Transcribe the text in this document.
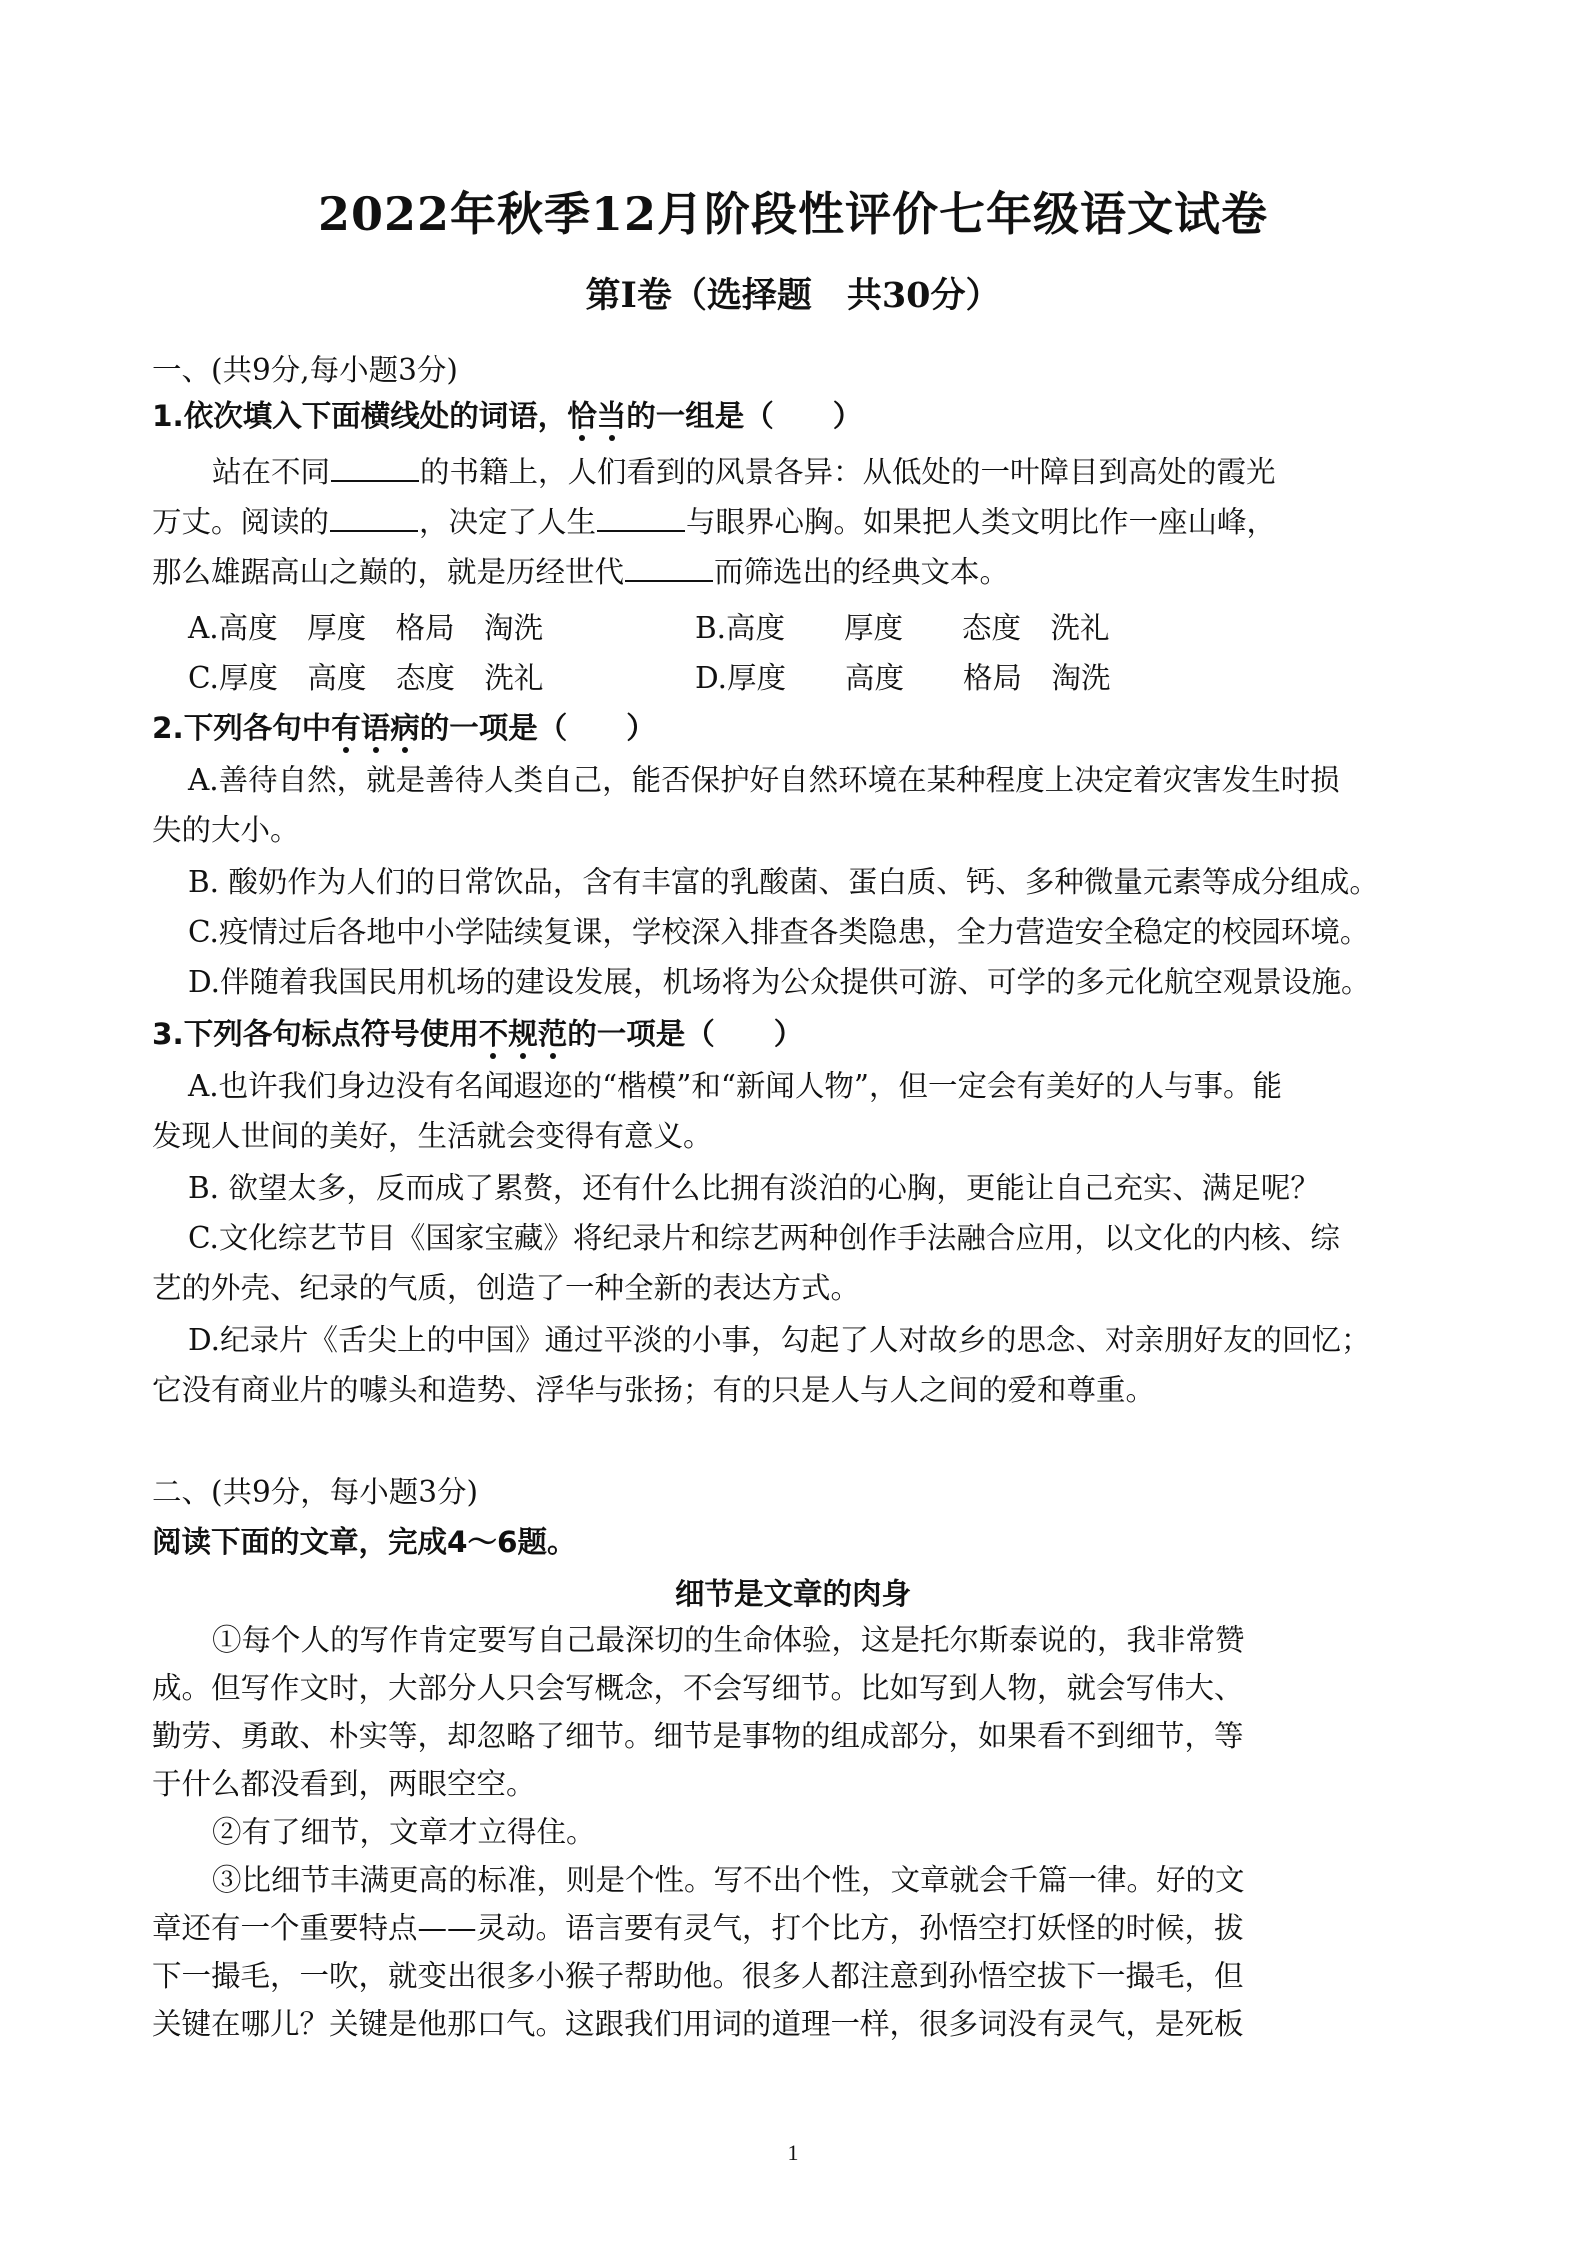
2022年秋季12月阶段性评价七年级语文试卷
第Ⅰ卷（选择题　共30分）
一、(共9分,每小题3分)
1.依次填入下面横线处的词语，恰当的一组是（　　）
站在不同	的书籍上，人们看到的风景各异：从低处的一叶障目到高处的霞光
万丈。阅读的	，决定了人生	与眼界心胸。如果把人类文明比作一座山峰，
那么雄踞高山之巅的，就是历经世代	而筛选出的经典文本。
A.高度　厚度　格局　淘洗	B.高度　　厚度　　态度　洗礼
C.厚度　高度　态度　洗礼	D.厚度　　高度　　格局　淘洗
2.下列各句中有语病的一项是（　　）
A.善待自然，就是善待人类自己，能否保护好自然环境在某种程度上决定着灾害发生时损
失的大小。
B. 酸奶作为人们的日常饮品，含有丰富的乳酸菌、蛋白质、钙、多种微量元素等成分组成。
C.疫情过后各地中小学陆续复课，学校深入排查各类隐患，全力营造安全稳定的校园环境。
D.伴随着我国民用机场的建设发展，机场将为公众提供可游、可学的多元化航空观景设施。
3.下列各句标点符号使用不规范的一项是（　　）
A.也许我们身边没有名闻遐迩的“楷模”和“新闻人物”，但一定会有美好的人与事。能
发现人世间的美好，生活就会变得有意义。
B. 欲望太多，反而成了累赘，还有什么比拥有淡泊的心胸，更能让自己充实、满足呢？
C.文化综艺节目《国家宝藏》将纪录片和综艺两种创作手法融合应用，以文化的内核、综
艺的外壳、纪录的气质，创造了一种全新的表达方式。
D.纪录片《舌尖上的中国》通过平淡的小事，勾起了人对故乡的思念、对亲朋好友的回忆；
它没有商业片的噱头和造势、浮华与张扬；有的只是人与人之间的爱和尊重。
二、(共9分，每小题3分)
阅读下面的文章，完成4～6题。
细节是文章的肉身
①每个人的写作肯定要写自己最深切的生命体验，这是托尔斯泰说的，我非常赞
成。但写作文时，大部分人只会写概念，不会写细节。比如写到人物，就会写伟大、
勤劳、勇敢、朴实等，却忽略了细节。细节是事物的组成部分，如果看不到细节，等
于什么都没看到，两眼空空。
②有了细节，文章才立得住。
③比细节丰满更高的标准，则是个性。写不出个性，文章就会千篇一律。好的文
章还有一个重要特点——灵动。语言要有灵气，打个比方，孙悟空打妖怪的时候，拔
下一撮毛，一吹，就变出很多小猴子帮助他。很多人都注意到孙悟空拔下一撮毛，但
关键在哪儿？关键是他那口气。这跟我们用词的道理一样，很多词没有灵气，是死板
1
